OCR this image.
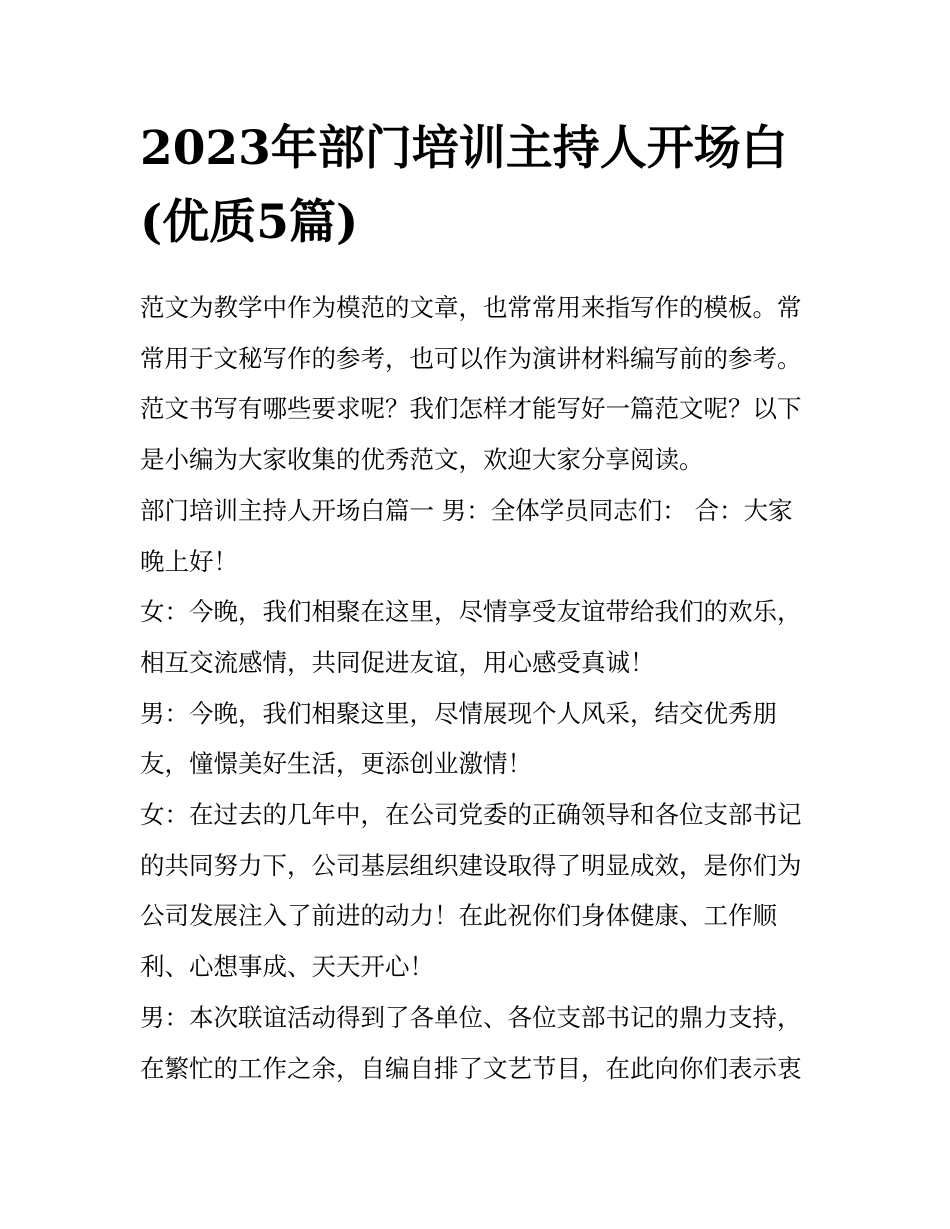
2023年部门培训主持人开场白
(优质5篇)
范文为教学中作为模范的文章，也常常用来指写作的模板。常
常用于文秘写作的参考，也可以作为演讲材料编写前的参考。
范文书写有哪些要求呢？我们怎样才能写好一篇范文呢？以下
是小编为大家收集的优秀范文，欢迎大家分享阅读。
部门培训主持人开场白篇一 男：全体学员同志们： 合：大家
晚上好！
女：今晚，我们相聚在这里，尽情享受友谊带给我们的欢乐，
相互交流感情，共同促进友谊，用心感受真诚！
男：今晚，我们相聚这里，尽情展现个人风采，结交优秀朋
友，憧憬美好生活，更添创业激情！
女：在过去的几年中，在公司党委的正确领导和各位支部书记
的共同努力下，公司基层组织建设取得了明显成效，是你们为
公司发展注入了前进的动力！在此祝你们身体健康、工作顺
利、心想事成、天天开心！
男：本次联谊活动得到了各单位、各位支部书记的鼎力支持，
在繁忙的工作之余，自编自排了文艺节目，在此向你们表示衷
